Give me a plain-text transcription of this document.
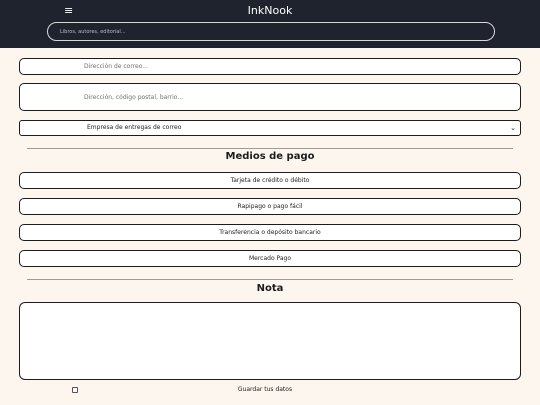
≡	InkNook
Libros, autores, editorial...
Dirección de correo...
Dirección, código postal, barrio...
Empresa de entregas de correo	⌄
Medios de pago
Tarjeta de crédito o débito
Rapipago o pago fácil
Transferencia o depósito bancario
Mercado Pago
Nota
Guardar tus datos
